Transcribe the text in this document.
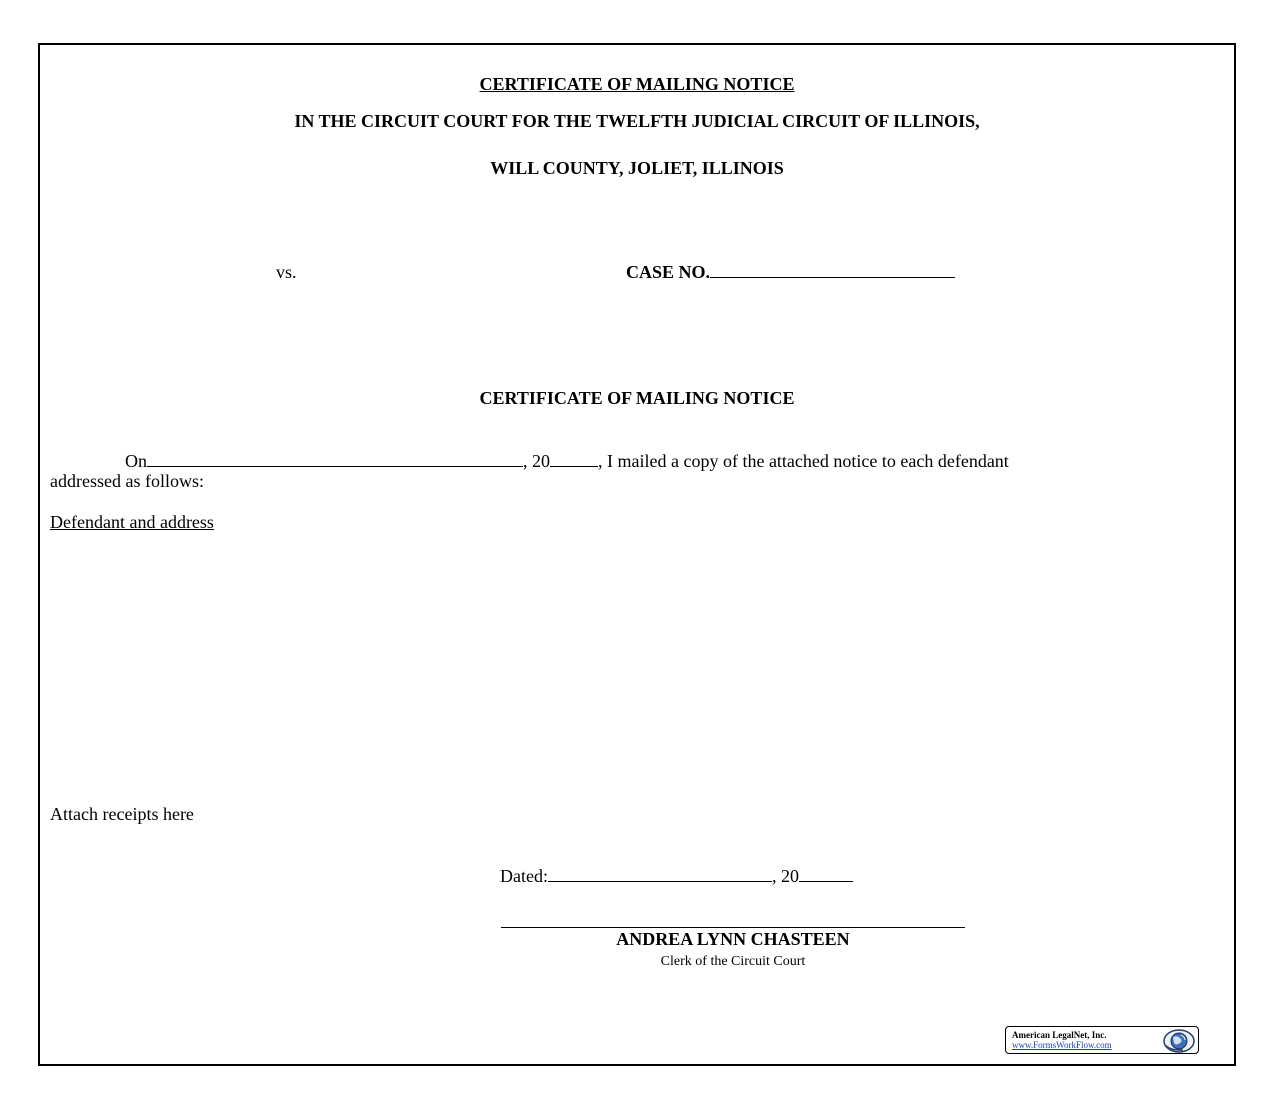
CERTIFICATE OF MAILING NOTICE
IN THE CIRCUIT COURT FOR THE TWELFTH JUDICIAL CIRCUIT OF ILLINOIS,
WILL COUNTY, JOLIET, ILLINOIS
vs.	CASE NO.
CERTIFICATE OF MAILING NOTICE
On	, 20	, I mailed a copy of the attached notice to each defendant
addressed as follows:
Defendant and address
Attach receipts here
Dated:	, 20
ANDREA LYNN CHASTEEN
Clerk of the Circuit Court
American LegalNet, Inc.
www.FormsWorkFlow.com
